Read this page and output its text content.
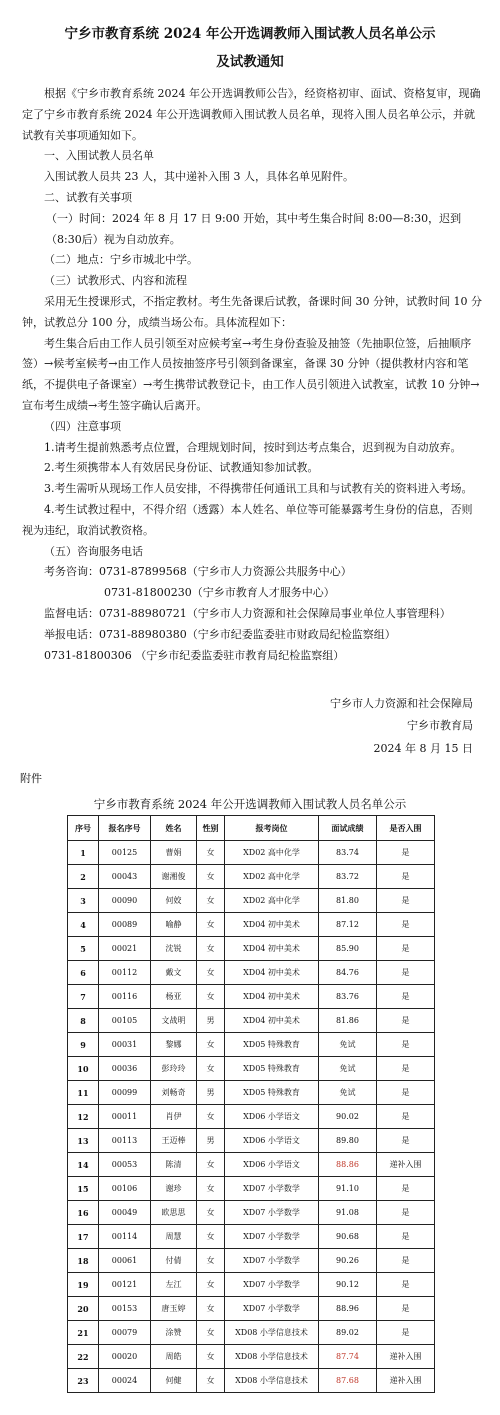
宁乡市教育系统 2024 年公开选调教师入围试教人员名单公示
及试教通知

根据《宁乡市教育系统 2024 年公开选调教师公告》，经资格初审、面试、资格复审，现确定了宁乡市教育系统 2024 年公开选调教师入围试教人员名单，现将入围人员名单公示，并就试教有关事项通知如下。

一、入围试教人员名单

入围试教人员共 23 人，其中递补入围 3 人，具体名单见附件。

二、试教有关事项

（一）时间：2024 年 8 月 17 日 9:00 开始，其中考生集合时间 8:00—8:30，迟到（8:30后）视为自动放弃。

（二）地点：宁乡市城北中学。

（三）试教形式、内容和流程

采用无生授课形式，不指定教材。考生先备课后试教，备课时间 30 分钟，试教时间 10 分钟，试教总分 100 分，成绩当场公布。具体流程如下：

考生集合后由工作人员引领至对应候考室→考生身份查验及抽签（先抽职位签，后抽顺序签）→候考室候考→由工作人员按抽签序号引领到备课室，备课 30 分钟（提供教材内容和笔纸，不提供电子备课室）→考生携带试教登记卡，由工作人员引领进入试教室，试教 10 分钟→宣布考生成绩→考生签字确认后离开。

（四）注意事项

1.请考生提前熟悉考点位置，合理规划时间，按时到达考点集合，迟到视为自动放弃。

2.考生须携带本人有效居民身份证、试教通知参加试教。

3.考生需听从现场工作人员安排，不得携带任何通讯工具和与试教有关的资料进入考场。

4.考生试教过程中，不得介绍（透露）本人姓名、单位等可能暴露考生身份的信息，否则视为违纪，取消试教资格。

（五）咨询服务电话

考务咨询：0731-87899568（宁乡市人力资源公共服务中心）

0731-81800230（宁乡市教育人才服务中心）

监督电话：0731-88980721（宁乡市人力资源和社会保障局事业单位人事管理科）

举报电话：0731-88980380（宁乡市纪委监委驻市财政局纪检监察组）

0731-81800306 （宁乡市纪委监委驻市教育局纪检监察组）

宁乡市人力资源和社会保障局
宁乡市教育局
2024 年 8 月 15 日
附件
宁乡市教育系统 2024 年公开选调教师入围试教人员名单公示
序号	报名序号	姓名	性别	报考岗位	面试成绩	是否入围
1	00125	曹娟	女	XD02 高中化学	83.74	是
2	00043	谢湘俊	女	XD02 高中化学	83.72	是
3	00090	何姣	女	XD02 高中化学	81.80	是
4	00089	喻静	女	XD04 初中美术	87.12	是
5	00021	沈锐	女	XD04 初中美术	85.90	是
6	00112	戴文	女	XD04 初中美术	84.76	是
7	00116	杨亚	女	XD04 初中美术	83.76	是
8	00105	文战明	男	XD04 初中美术	81.86	是
9	00031	黎娜	女	XD05 特殊教育	免试	是
10	00036	彭玲玲	女	XD05 特殊教育	免试	是
11	00099	刘畅奇	男	XD05 特殊教育	免试	是
12	00011	肖伊	女	XD06 小学语文	90.02	是
13	00113	王迈棒	男	XD06 小学语文	89.80	是
14	00053	陈清	女	XD06 小学语文	88.86	递补入围
15	00106	谢珍	女	XD07 小学数学	91.10	是
16	00049	欧思思	女	XD07 小学数学	91.08	是
17	00114	周慧	女	XD07 小学数学	90.68	是
18	00061	付倩	女	XD07 小学数学	90.26	是
19	00121	左江	女	XD07 小学数学	90.12	是
20	00153	唐玉婷	女	XD07 小学数学	88.96	是
21	00079	涂赞	女	XD08 小学信息技术	89.02	是
22	00020	周皓	女	XD08 小学信息技术	87.74	递补入围
23	00024	何健	女	XD08 小学信息技术	87.68	递补入围
